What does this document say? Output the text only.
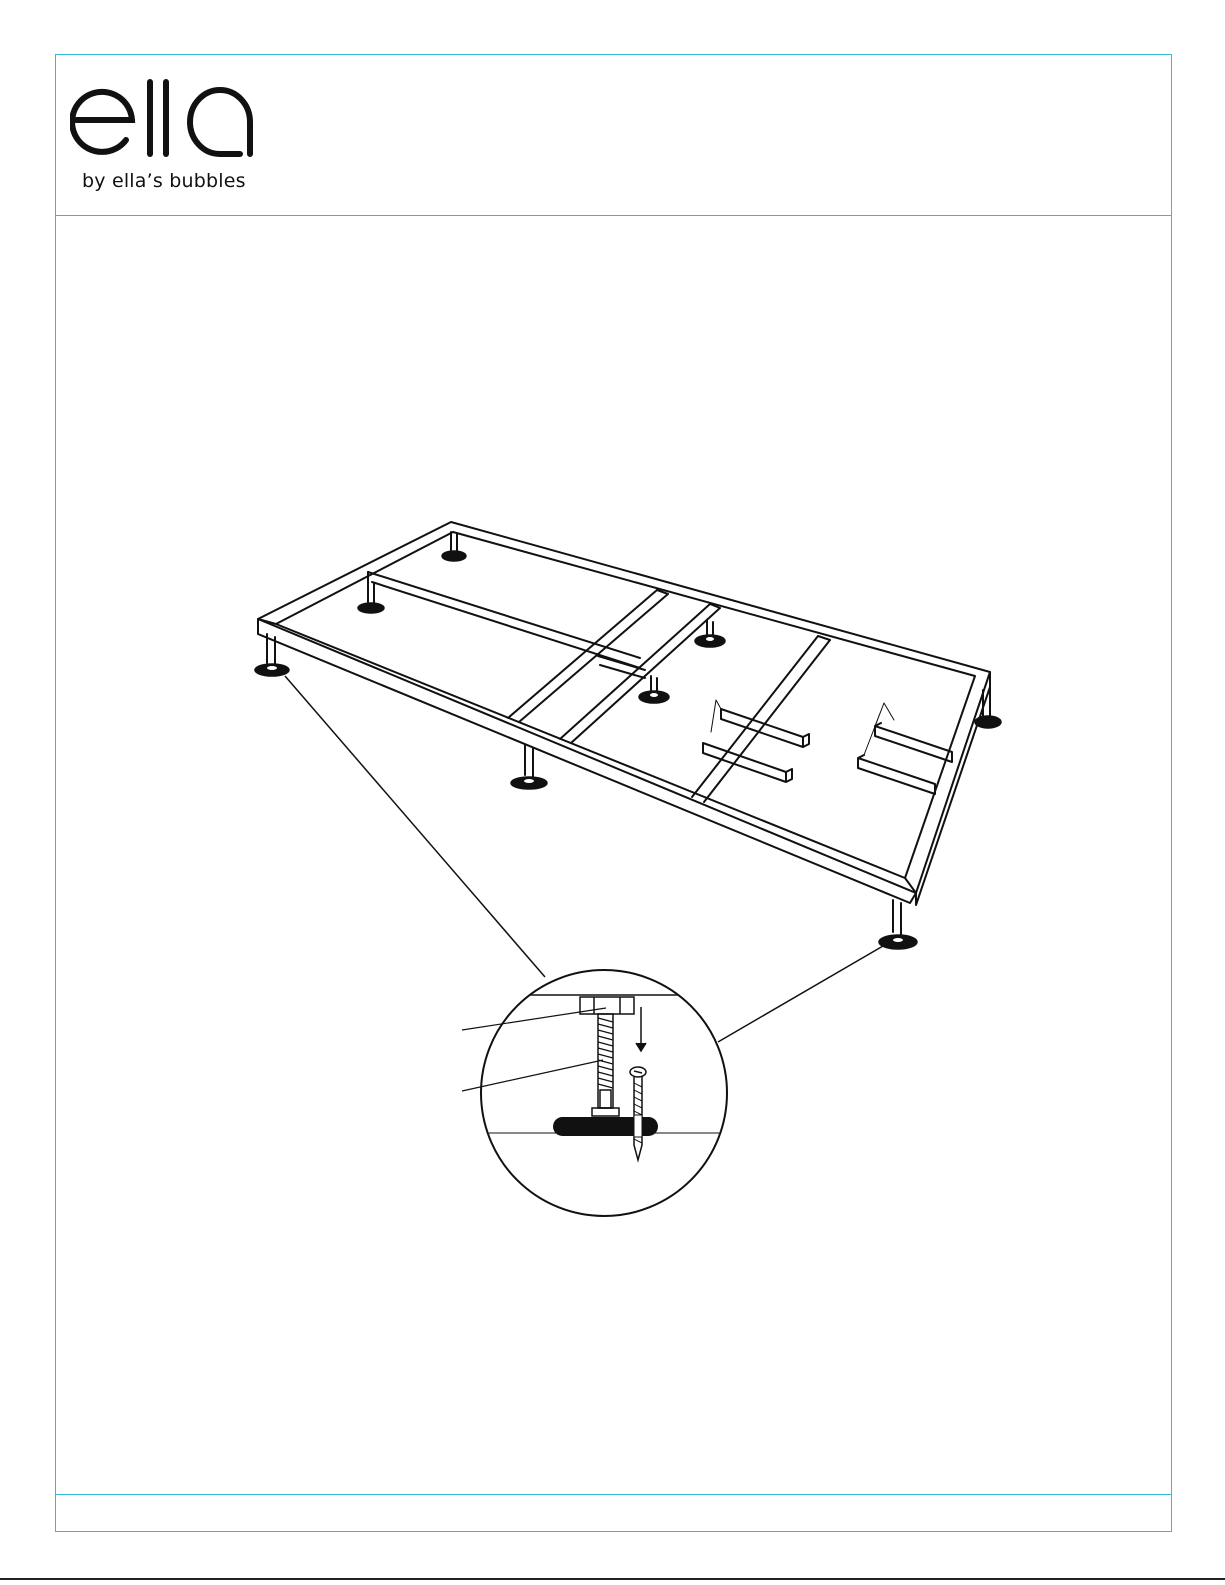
by ella’s bubbles
